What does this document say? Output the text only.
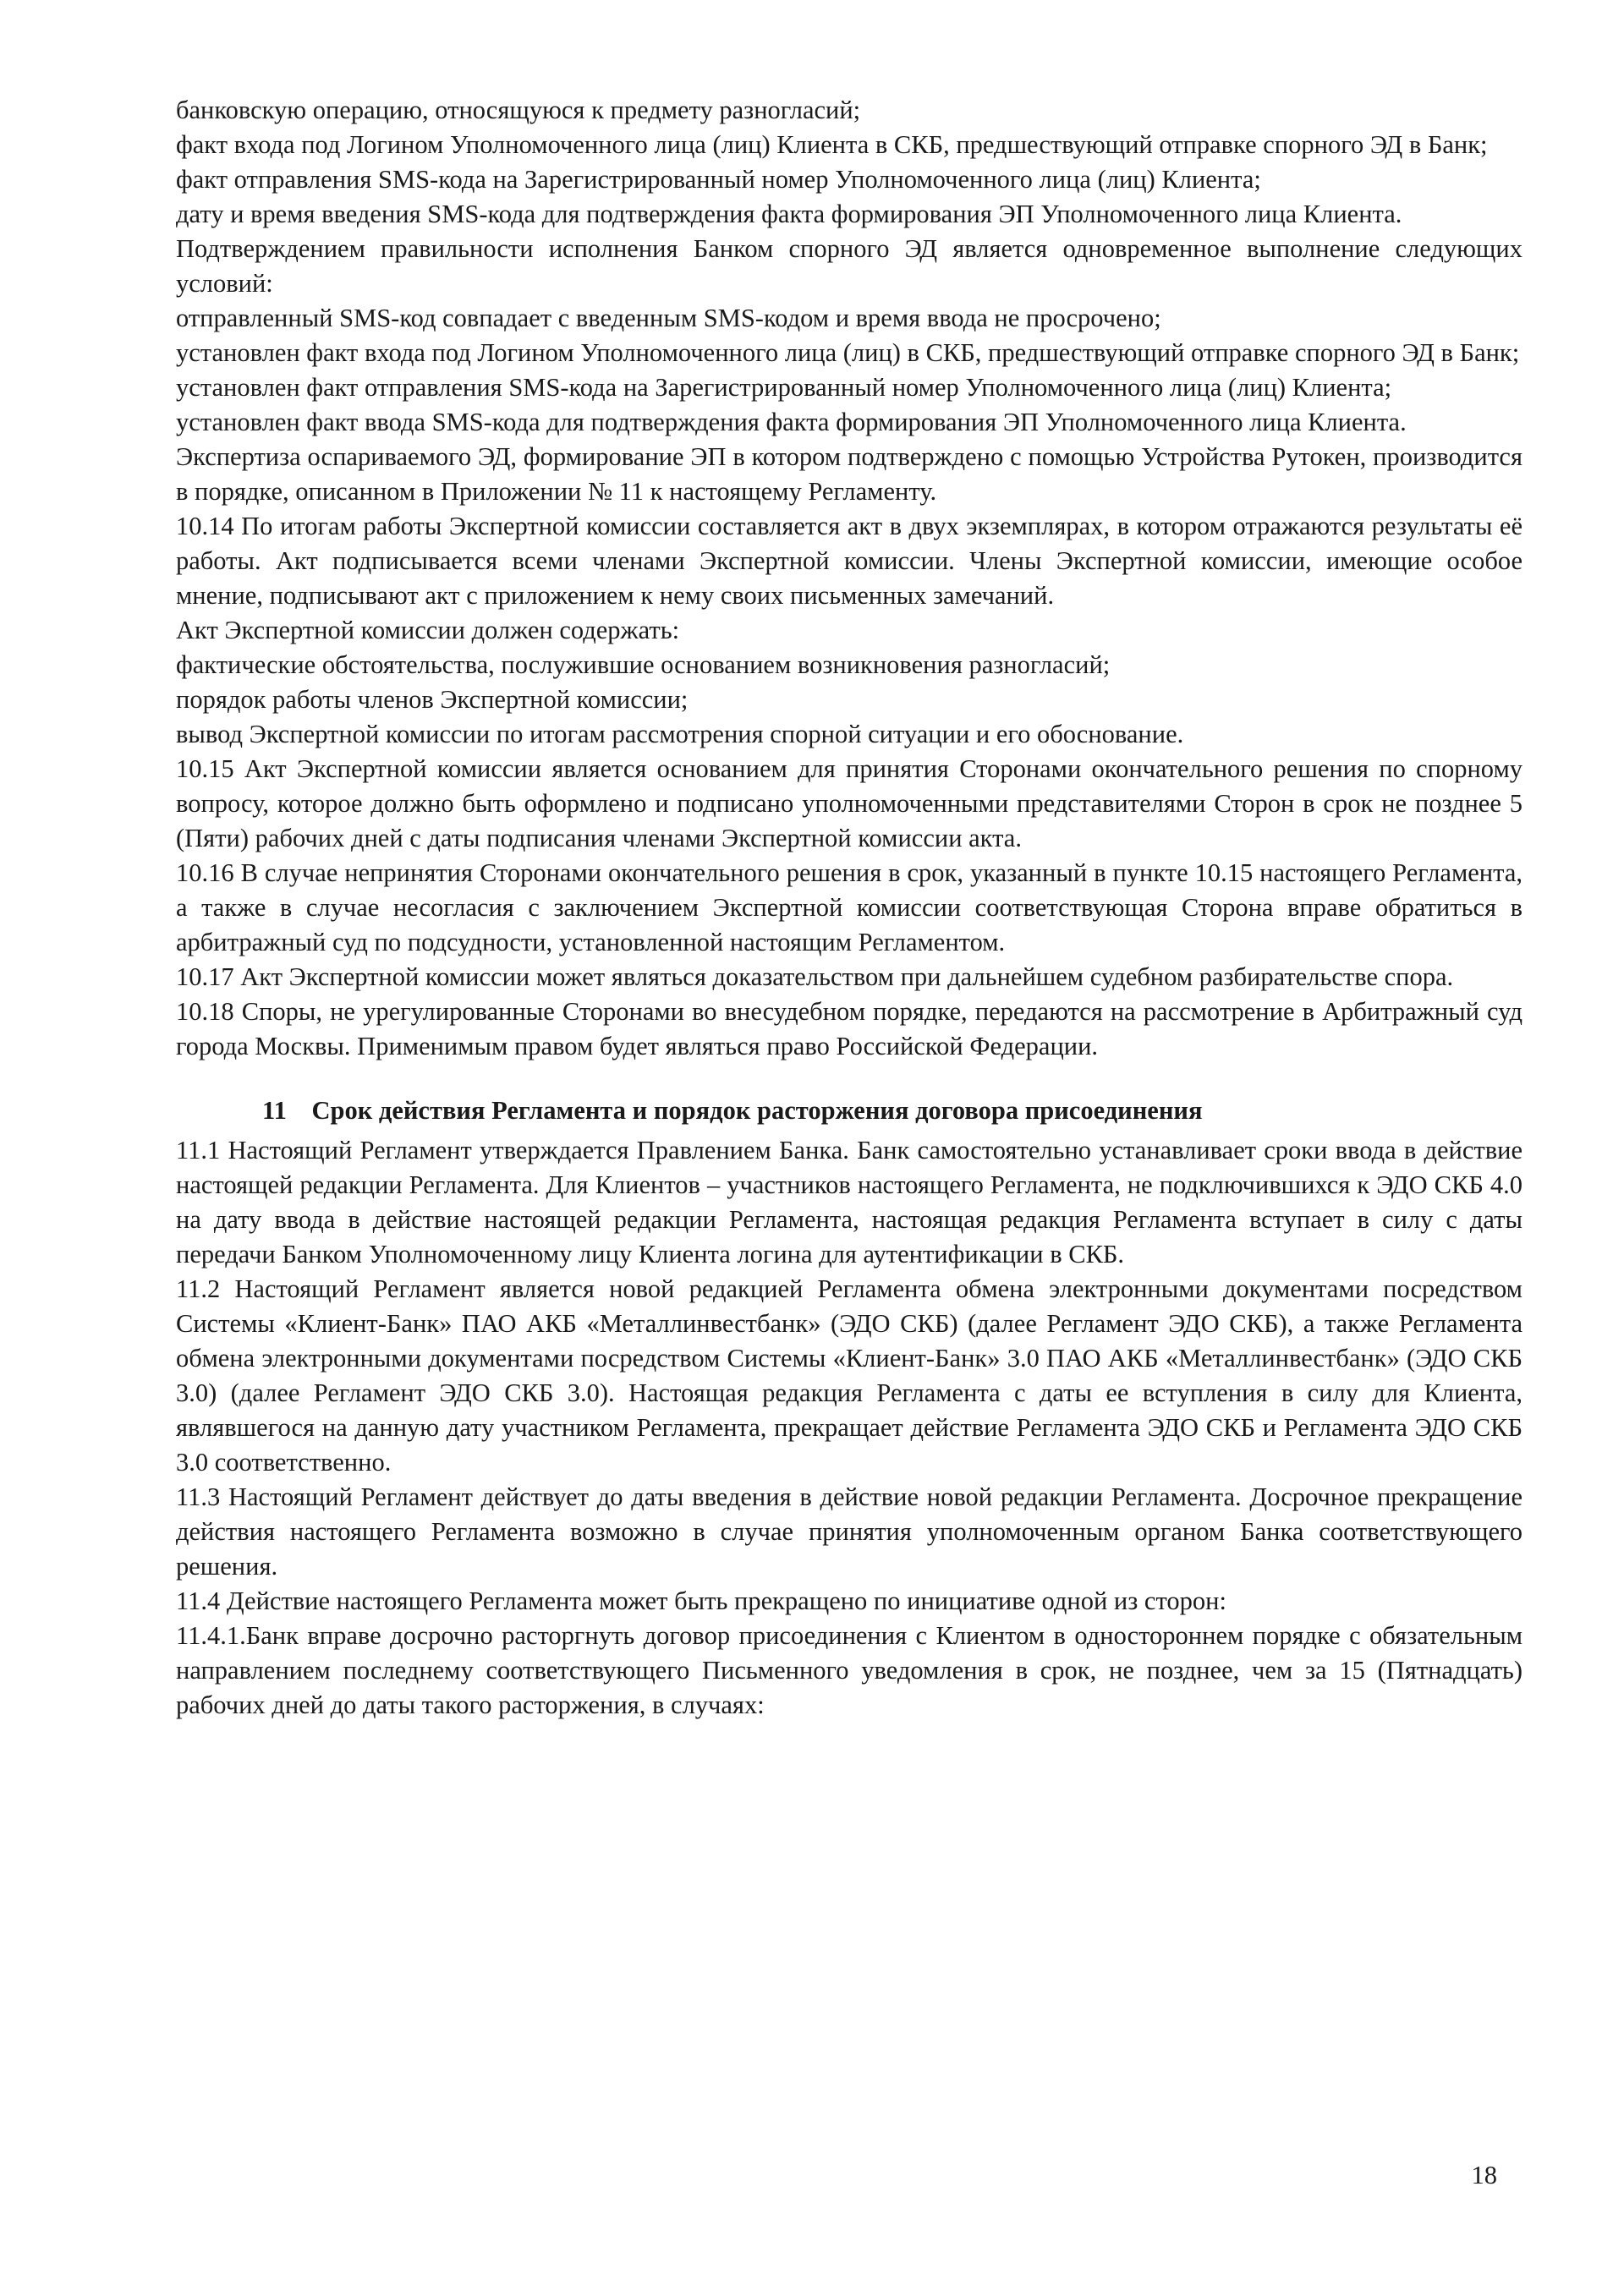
банковскую операцию, относящуюся к предмету разногласий;

факт входа под Логином Уполномоченного лица (лиц) Клиента в СКБ, предшествующий отправке спорного ЭД в Банк;

факт отправления SMS-кода на Зарегистрированный номер Уполномоченного лица (лиц) Клиента;

дату и время введения SMS-кода для подтверждения факта формирования ЭП Уполномоченного лица Клиента.

Подтверждением правильности исполнения Банком спорного ЭД является одновременное выполнение следующих условий:

отправленный SMS-код совпадает с введенным SMS-кодом и время ввода не просрочено;

установлен факт входа под Логином Уполномоченного лица (лиц) в СКБ, предшествующий отправке спорного ЭД в Банк;

установлен факт отправления SMS-кода на Зарегистрированный номер Уполномоченного лица (лиц) Клиента;

установлен факт ввода SMS-кода для подтверждения факта формирования ЭП Уполномоченного лица Клиента.

Экспертиза оспариваемого ЭД, формирование ЭП в котором подтверждено с помощью Устройства Рутокен, производится в порядке, описанном в Приложении № 11 к настоящему Регламенту.

10.14 По итогам работы Экспертной комиссии составляется акт в двух экземплярах, в котором отражаются результаты её работы. Акт подписывается всеми членами Экспертной комиссии. Члены Экспертной комиссии, имеющие особое мнение, подписывают акт с приложением к нему своих письменных замечаний.

Акт Экспертной комиссии должен содержать:

фактические обстоятельства, послужившие основанием возникновения разногласий;

порядок работы членов Экспертной комиссии;

вывод Экспертной комиссии по итогам рассмотрения спорной ситуации и его обоснование.

10.15 Акт Экспертной комиссии является основанием для принятия Сторонами окончательного решения по спорному вопросу, которое должно быть оформлено и подписано уполномоченными представителями Сторон в срок не позднее 5 (Пяти) рабочих дней с даты подписания членами Экспертной комиссии акта.

10.16 В случае непринятия Сторонами окончательного решения в срок, указанный в пункте 10.15 настоящего Регламента, а также в случае несогласия с заключением Экспертной комиссии соответствующая Сторона вправе обратиться в арбитражный суд по подсудности, установленной настоящим Регламентом.

10.17 Акт Экспертной комиссии может являться доказательством при дальнейшем судебном разбирательстве спора.

10.18 Споры, не урегулированные Сторонами во внесудебном порядке, передаются на рассмотрение в Арбитражный суд города Москвы. Применимым правом будет являться право Российской Федерации.

11 Срок действия Регламента и порядок расторжения договора присоединения

11.1 Настоящий Регламент утверждается Правлением Банка. Банк самостоятельно устанавливает сроки ввода в действие настоящей редакции Регламента. Для Клиентов – участников настоящего Регламента, не подключившихся к ЭДО СКБ 4.0 на дату ввода в действие настоящей редакции Регламента, настоящая редакция Регламента вступает в силу с даты передачи Банком Уполномоченному лицу Клиента логина для аутентификации в СКБ.

11.2 Настоящий Регламент является новой редакцией Регламента обмена электронными документами посредством Системы «Клиент-Банк» ПАО АКБ «Металлинвестбанк» (ЭДО СКБ) (далее Регламент ЭДО СКБ), а также Регламента обмена электронными документами посредством Системы «Клиент-Банк» 3.0 ПАО АКБ «Металлинвестбанк» (ЭДО СКБ 3.0) (далее Регламент ЭДО СКБ 3.0). Настоящая редакция Регламента с даты ее вступления в силу для Клиента, являвшегося на данную дату участником Регламента, прекращает действие Регламента ЭДО СКБ и Регламента ЭДО СКБ 3.0 соответственно.

11.3 Настоящий Регламент действует до даты введения в действие новой редакции Регламента. Досрочное прекращение действия настоящего Регламента возможно в случае принятия уполномоченным органом Банка соответствующего решения.

11.4 Действие настоящего Регламента может быть прекращено по инициативе одной из сторон:

11.4.1.Банк вправе досрочно расторгнуть договор присоединения с Клиентом в одностороннем порядке с обязательным направлением последнему соответствующего Письменного уведомления в срок, не позднее, чем за 15 (Пятнадцать) рабочих дней до даты такого расторжения, в случаях:

18
